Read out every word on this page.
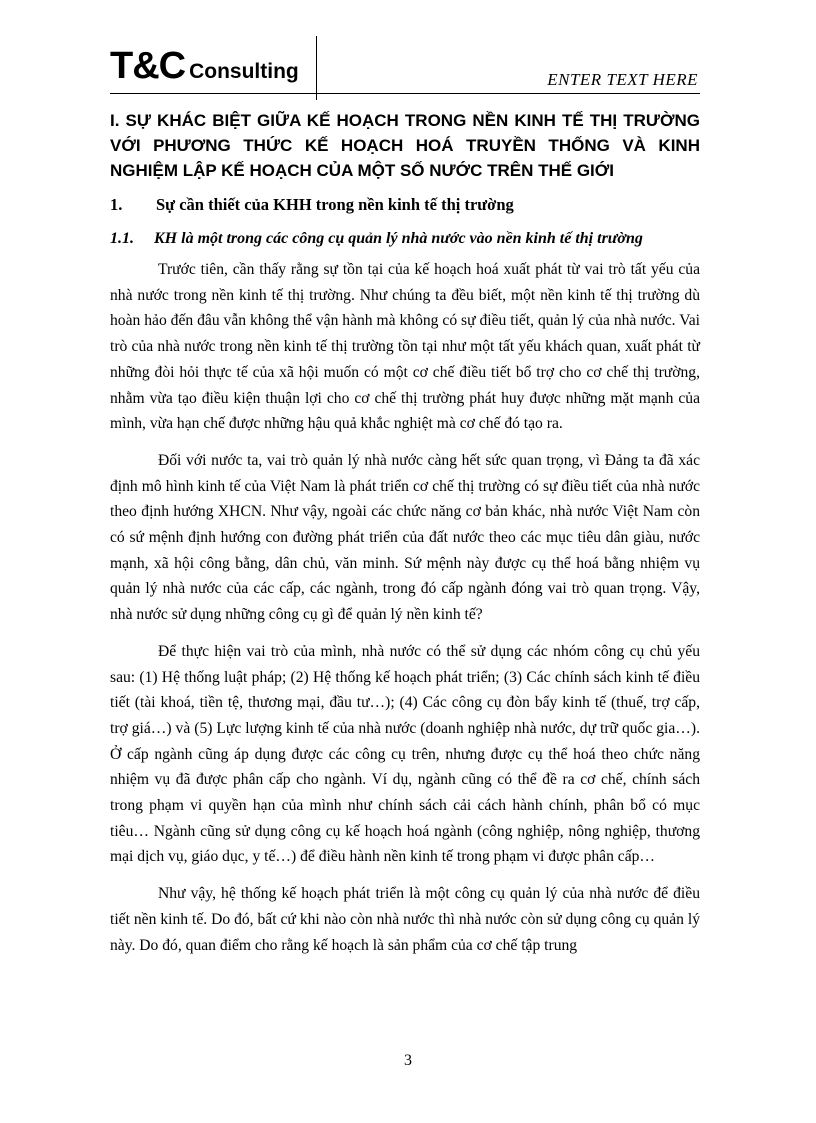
T&C Consulting	ENTER TEXT HERE
I. SỰ KHÁC BIỆT GIỮA KẾ HOẠCH TRONG NỀN KINH TẾ THỊ TRƯỜNG VỚI PHƯƠNG THỨC KẾ HOẠCH HOÁ TRUYỀN THỐNG VÀ KINH NGHIỆM LẬP KẾ HOẠCH CỦA MỘT SỐ NƯỚC TRÊN THẾ GIỚI
1.	Sự cần thiết của KHH trong nền kinh tế thị trường
1.1.	KH là một trong các công cụ quản lý nhà nước vào nền kinh tế thị trường

Trước tiên, cần thấy rằng sự tồn tại của kế hoạch hoá xuất phát từ vai trò tất yếu của nhà nước trong nền kinh tế thị trường. Như chúng ta đều biết, một nền kinh tế thị trường dù hoàn hảo đến đâu vẫn không thể vận hành mà không có sự điều tiết, quản lý của nhà nước. Vai trò của nhà nước trong nền kinh tế thị trường tồn tại như một tất yếu khách quan, xuất phát từ những đòi hỏi thực tế của xã hội muốn có một cơ chế điều tiết bổ trợ cho cơ chế thị trường, nhằm vừa tạo điều kiện thuận lợi cho cơ chế thị trường phát huy được những mặt mạnh của mình, vừa hạn chế được những hậu quả khắc nghiệt mà cơ chế đó tạo ra.

Đối với nước ta, vai trò quản lý nhà nước càng hết sức quan trọng, vì Đảng ta đã xác định mô hình kinh tế của Việt Nam là phát triển cơ chế thị trường có sự điều tiết của nhà nước theo định hướng XHCN. Như vậy, ngoài các chức năng cơ bản khác, nhà nước Việt Nam còn có sứ mệnh định hướng con đường phát triển của đất nước theo các mục tiêu dân giàu, nước mạnh, xã hội công bằng, dân chủ, văn minh. Sứ mệnh này được cụ thể hoá bằng nhiệm vụ quản lý nhà nước của các cấp, các ngành, trong đó cấp ngành đóng vai trò quan trọng. Vậy, nhà nước sử dụng những công cụ gì để quản lý nền kinh tế?

Để thực hiện vai trò của mình, nhà nước có thể sử dụng các nhóm công cụ chủ yếu sau: (1) Hệ thống luật pháp; (2) Hệ thống kế hoạch phát triển; (3) Các chính sách kinh tế điều tiết (tài khoá, tiền tệ, thương mại, đầu tư…); (4) Các công cụ đòn bẩy kinh tế (thuế, trợ cấp, trợ giá…) và (5) Lực lượng kinh tế của nhà nước (doanh nghiệp nhà nước, dự trữ quốc gia…). Ở cấp ngành cũng áp dụng được các công cụ trên, nhưng được cụ thể hoá theo chức năng nhiệm vụ đã được phân cấp cho ngành. Ví dụ, ngành cũng có thể đề ra cơ chế, chính sách trong phạm vi quyền hạn của mình như chính sách cải cách hành chính, phân bổ có mục tiêu… Ngành cũng sử dụng công cụ kế hoạch hoá ngành (công nghiệp, nông nghiệp, thương mại dịch vụ, giáo dục, y tế…) để điều hành nền kinh tế trong phạm vi được phân cấp…

Như vậy, hệ thống kế hoạch phát triển là một công cụ quản lý của nhà nước để điều tiết nền kinh tế. Do đó, bất cứ khi nào còn nhà nước thì nhà nước còn sử dụng công cụ quản lý này. Do đó, quan điểm cho rằng kế hoạch là sản phẩm của cơ chế tập trung

3
